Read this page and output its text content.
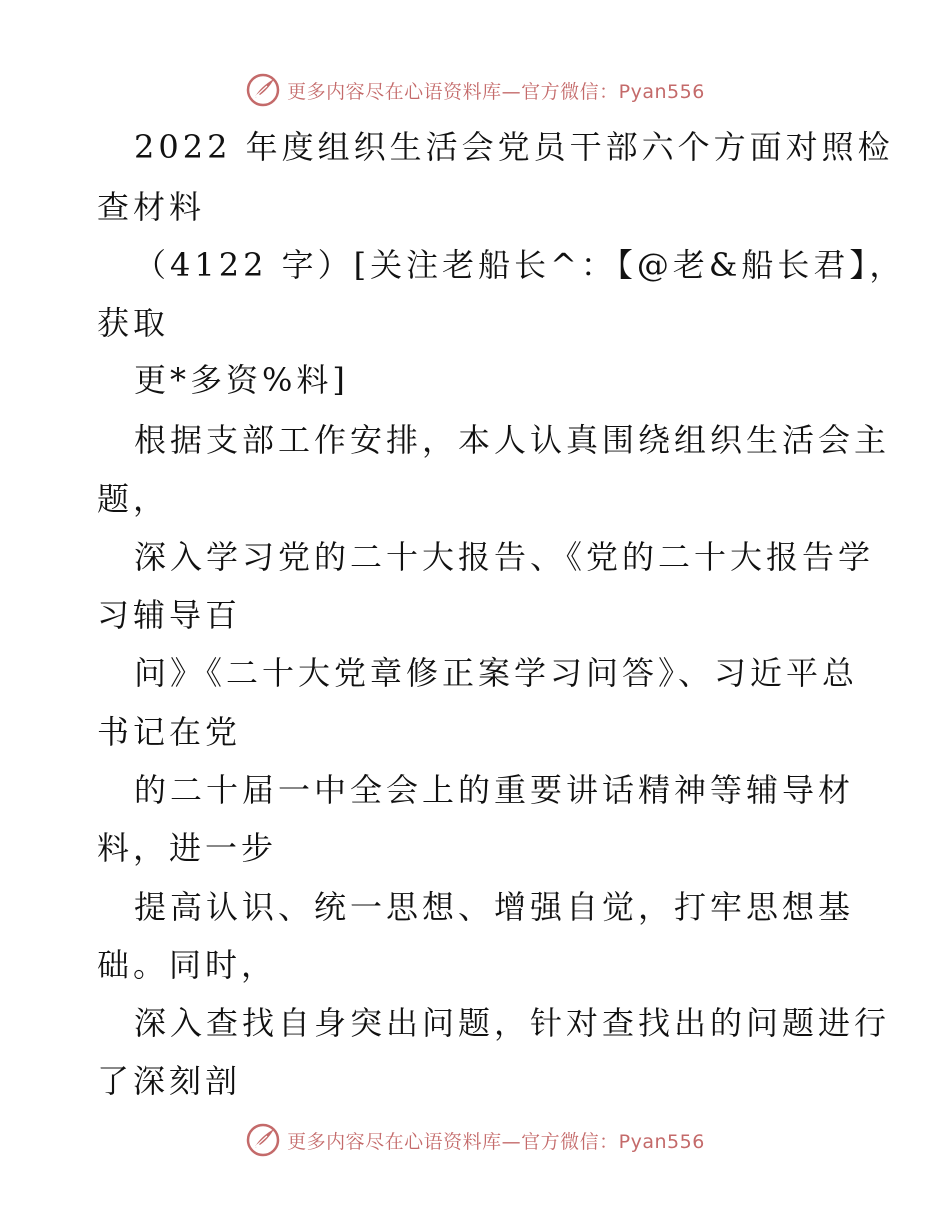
更多内容尽在心语资料库—官方微信：Pyan556
2022 年度组织生活会党员干部六个方面对照检
查材料
（4122 字）[关注老船长^：【@老&船长君】，
获取
更*多资%料]
根据支部工作安排，本人认真围绕组织生活会主
题，
深入学习党的二十大报告、《党的二十大报告学
习辅导百
问》《二十大党章修正案学习问答》、习近平总
书记在党
的二十届一中全会上的重要讲话精神等辅导材
料，进一步
提高认识、统一思想、增强自觉，打牢思想基
础。同时，
深入查找自身突出问题，针对查找出的问题进行
了深刻剖
更多内容尽在心语资料库—官方微信：Pyan556
